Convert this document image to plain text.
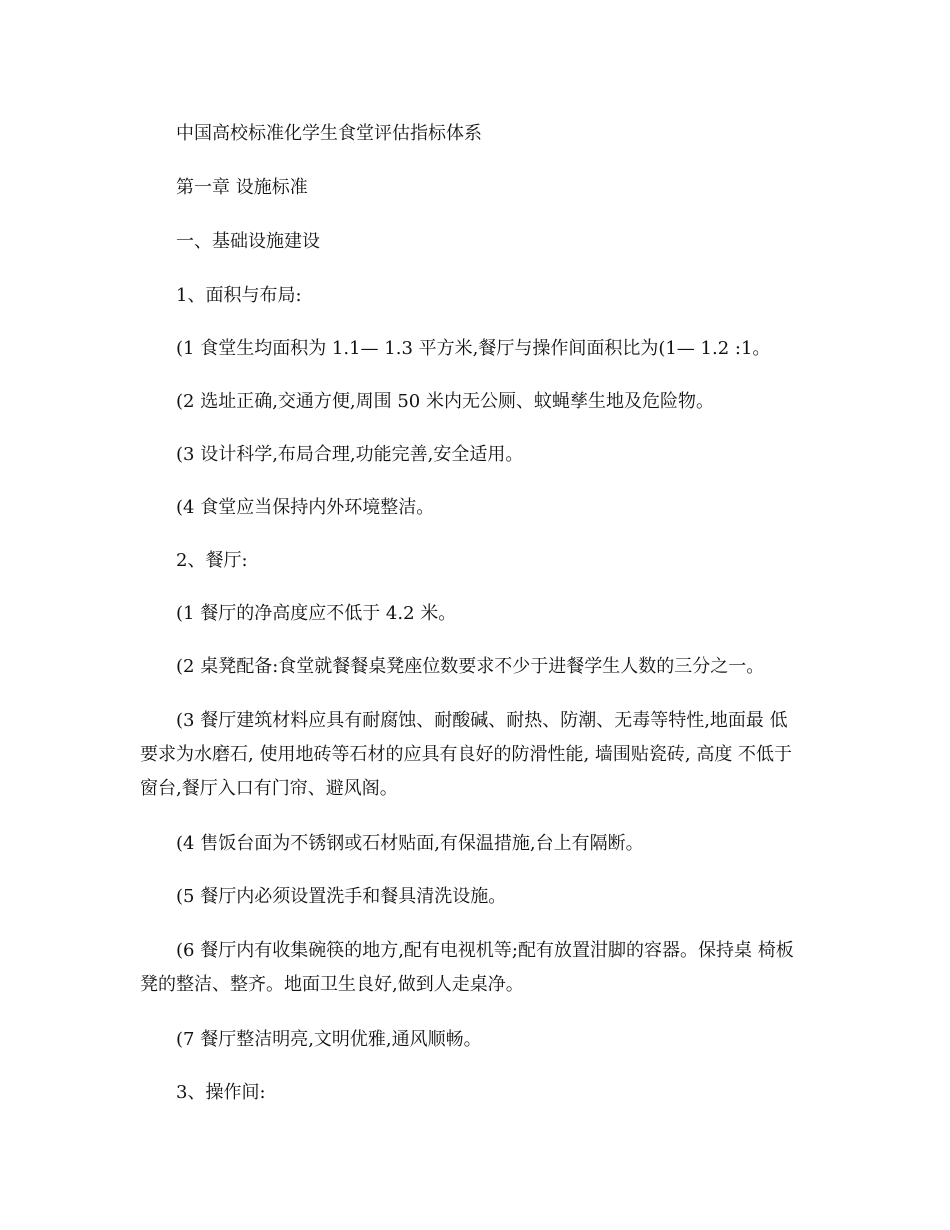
中国高校标准化学生食堂评估指标体系

第一章 设施标准

一、基础设施建设

1、面积与布局:

(1 食堂生均面积为 1.1— 1.3 平方米,餐厅与操作间面积比为(1— 1.2 :1。

(2 选址正确,交通方便,周围 50 米内无公厕、蚊蝇孳生地及危险物。

(3 设计科学,布局合理,功能完善,安全适用。

(4 食堂应当保持内外环境整洁。

2、餐厅:

(1 餐厅的净高度应不低于 4.2 米。

(2 桌凳配备:食堂就餐餐桌凳座位数要求不少于进餐学生人数的三分之一。

(3 餐厅建筑材料应具有耐腐蚀、耐酸碱、耐热、防潮、无毒等特性,地面最 低
要求为水磨石, 使用地砖等石材的应具有良好的防滑性能, 墙围贴瓷砖, 高度 不低于
窗台,餐厅入口有门帘、避风阁。

(4 售饭台面为不锈钢或石材贴面,有保温措施,台上有隔断。

(5 餐厅内必须设置洗手和餐具清洗设施。

(6 餐厅内有收集碗筷的地方,配有电视机等;配有放置泔脚的容器。保持桌 椅板
凳的整洁、整齐。地面卫生良好,做到人走桌净。

(7 餐厅整洁明亮,文明优雅,通风顺畅。

3、操作间:
